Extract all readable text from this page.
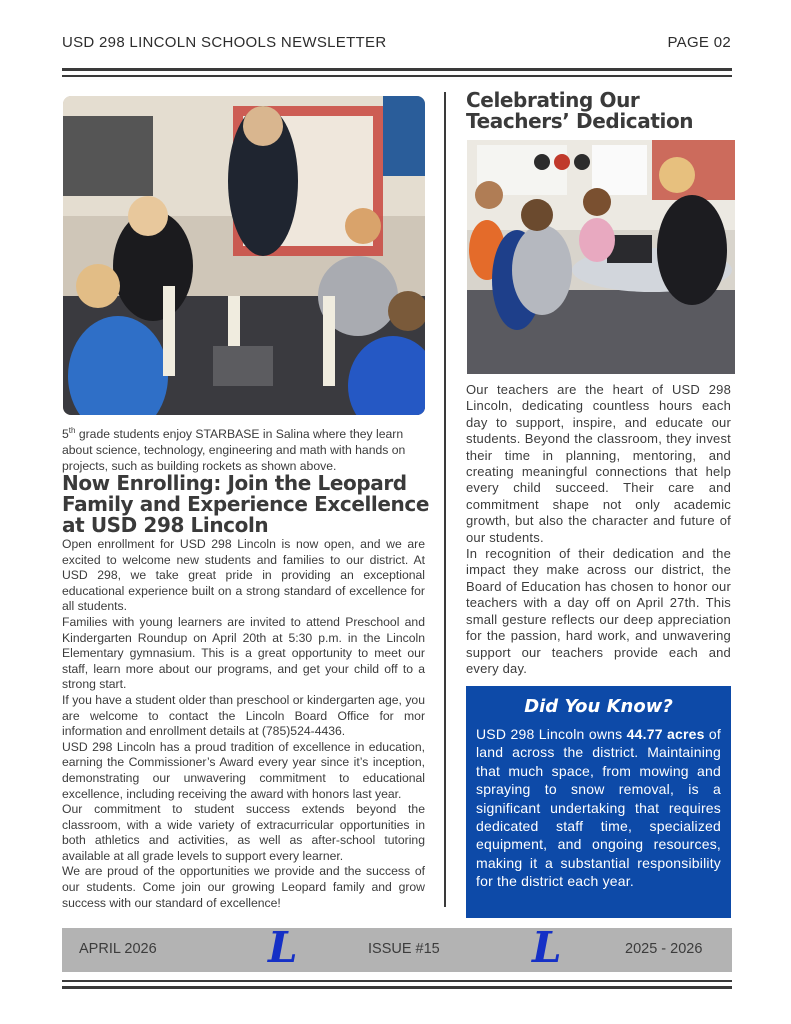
USD 298 LINCOLN SCHOOLS NEWSLETTER	PAGE 02
5th grade students enjoy STARBASE in Salina where they learn about science, technology, engineering and math with hands on projects, such as building rockets as shown above.
Now Enrolling: Join the Leopard Family and Experience Excellence at USD 298 Lincoln

Open enrollment for USD 298 Lincoln is now open, and we are excited to welcome new students and families to our district. At USD 298, we take great pride in providing an exceptional educational experience built on a strong standard of excellence for all students.

Families with young learners are invited to attend Preschool and Kindergarten Roundup on April 20th at 5:30 p.m. in the Lincoln Elementary gymnasium. This is a great opportunity to meet our staff, learn more about our programs, and get your child off to a strong start.

If you have a student older than preschool or kindergarten age, you are welcome to contact the Lincoln Board Office for mor information and enrollment details at (785)524-4436.

USD 298 Lincoln has a proud tradition of excellence in education, earning the Commissioner’s Award every year since it’s inception, demonstrating our unwavering commitment to educational excellence, including receiving the award with honors last year.

Our commitment to student success extends beyond the classroom, with a wide variety of extracurricular opportunities in both athletics and activities, as well as after-school tutoring available at all grade levels to support every learner.

We are proud of the opportunities we provide and the success of our students. Come join our growing Leopard family and grow success with our standard of excellence!

Celebrating Our
Teachers’ Dedication

Our teachers are the heart of USD 298 Lincoln, dedicating countless hours each day to support, inspire, and educate our students. Beyond the classroom, they invest their time in planning, mentoring, and creating meaningful connections that help every child succeed. Their care and commitment shape not only academic growth, but also the character and future of our students.

In recognition of their dedication and the impact they make across our district, the Board of Education has chosen to honor our teachers with a day off on April 27th. This small gesture reflects our deep appreciation for the passion, hard work, and unwavering support our teachers provide each and every day.

Did You Know?
USD 298 Lincoln owns 44.77 acres of land across the district. Maintaining that much space, from mowing and spraying to snow removal, is a significant undertaking that requires dedicated staff time, specialized equipment, and ongoing resources, making it a substantial responsibility for the district each year.
APRIL 2026	L	ISSUE #15 L	2025 - 2026
